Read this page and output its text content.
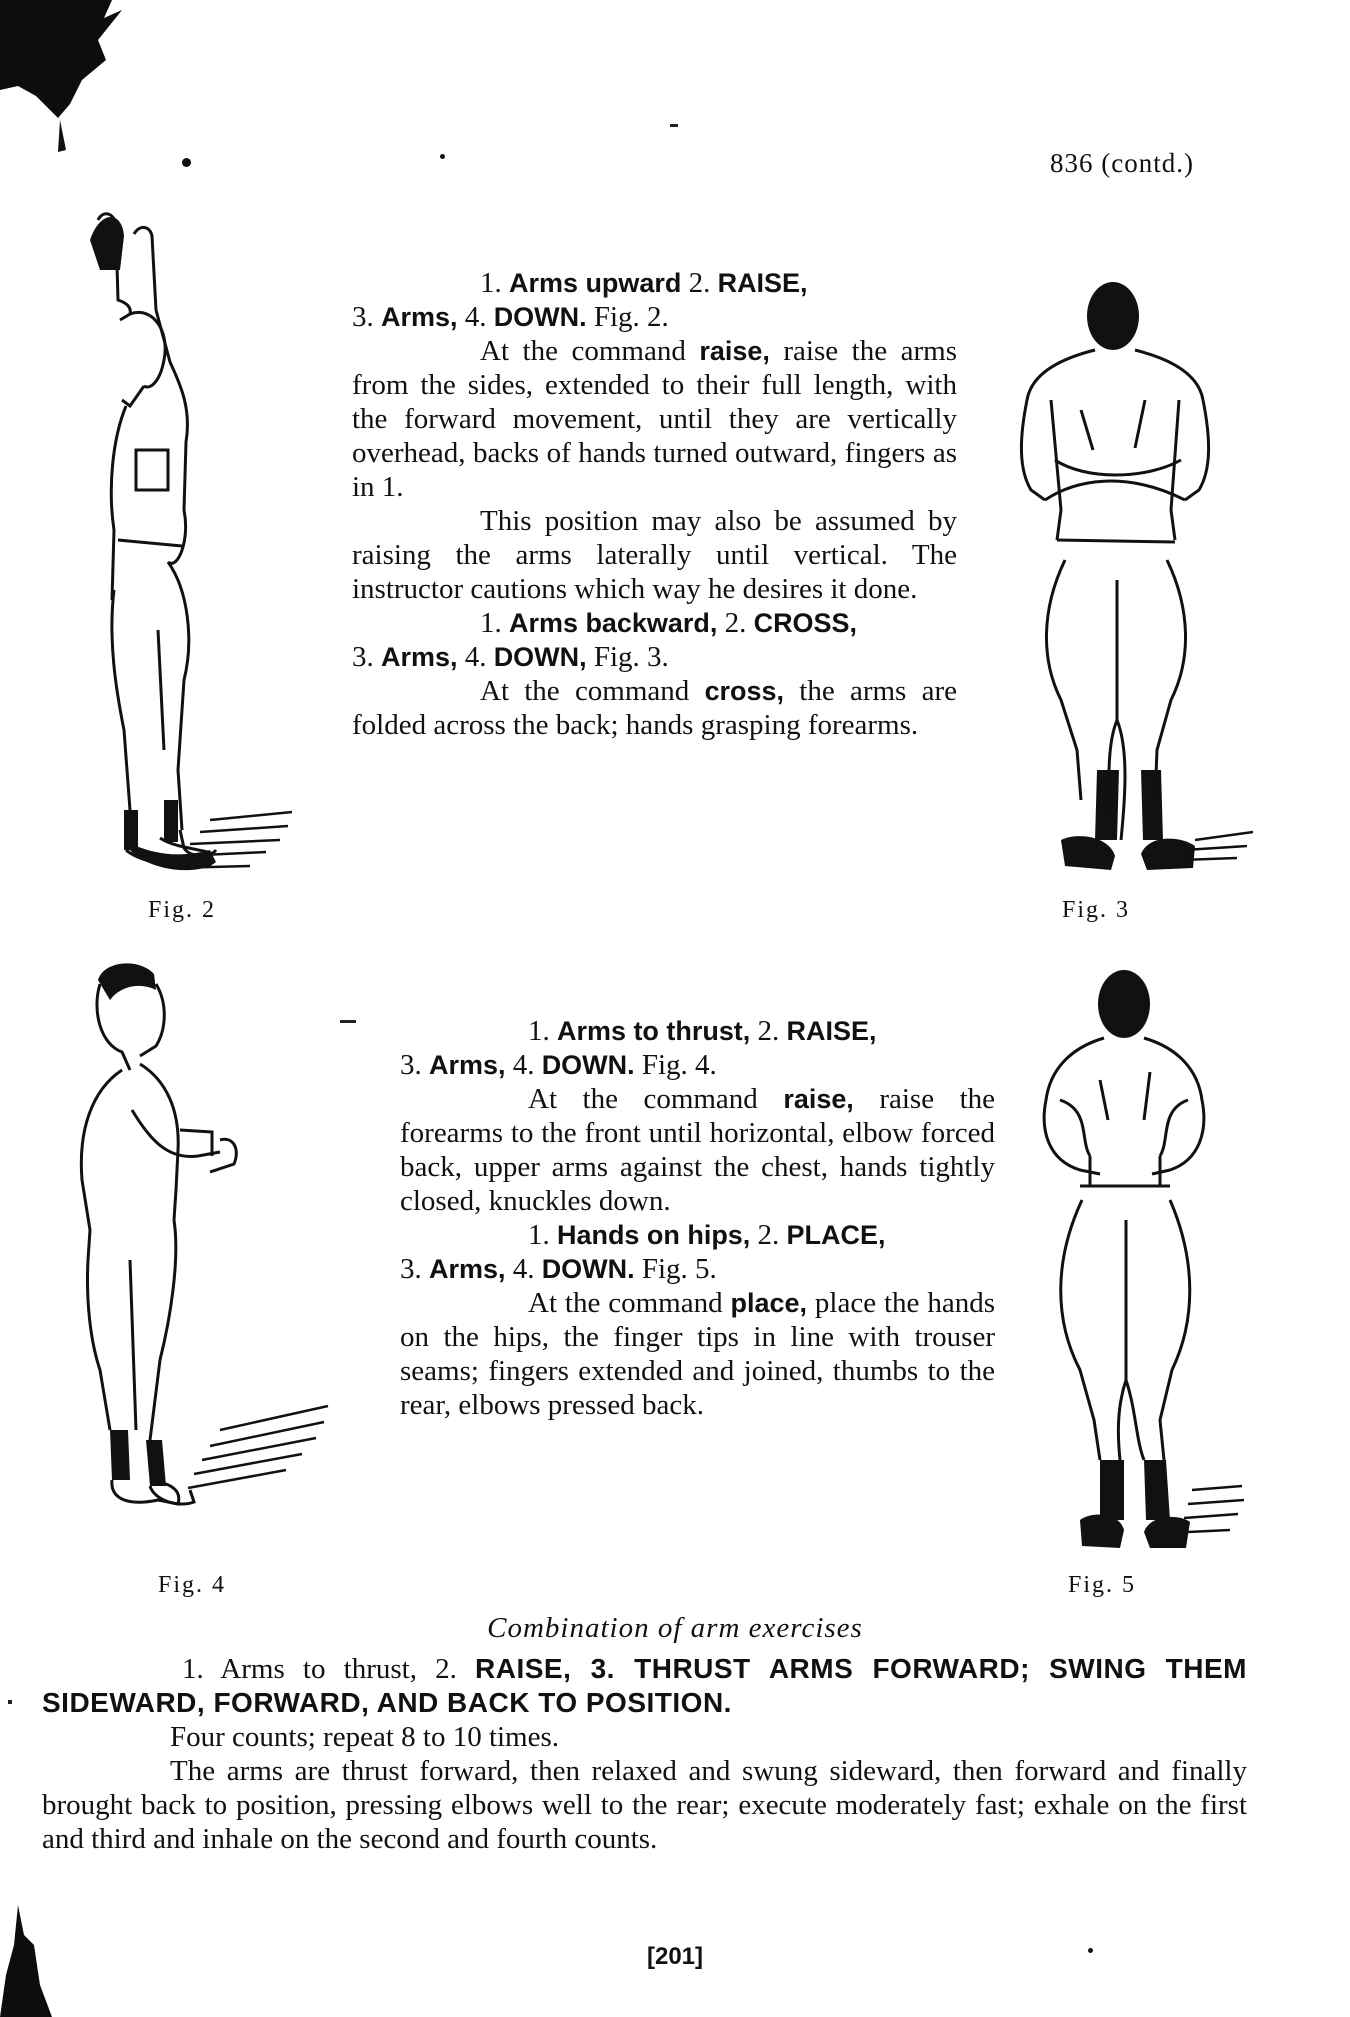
836 (contd.)
Fig. 2	Fig. 3

1. Arms upward 2. RAISE,
3. Arms, 4. DOWN. Fig. 2.

At the command raise, raise the arms from the sides, extended to their full length, with the forward movement, until they are vertically overhead, backs of hands turned outward, fingers as in 1.

This position may also be assumed by raising the arms laterally until vertical. The instructor cautions which way he desires it done.

1. Arms backward, 2. CROSS,
3. Arms, 4. DOWN, Fig. 3.

At the command cross, the arms are folded across the back; hands grasping forearms.

Fig. 4	Fig. 5

1. Arms to thrust, 2. RAISE,
3. Arms, 4. DOWN. Fig. 4.

At the command raise, raise the forearms to the front until horizontal, elbow forced back, upper arms against the chest, hands tightly closed, knuckles down.

1. Hands on hips, 2. PLACE,
3. Arms, 4. DOWN. Fig. 5.

At the command place, place the hands on the hips, the finger tips in line with trouser seams; fingers extended and joined, thumbs to the rear, elbows pressed back.

Combination of arm exercises

1. Arms to thrust, 2. RAISE, 3. THRUST ARMS FORWARD; SWING THEM SIDEWARD, FORWARD, AND BACK TO POSITION.

Four counts; repeat 8 to 10 times.

The arms are thrust forward, then relaxed and swung sideward, then forward and finally brought back to position, pressing elbows well to the rear; execute moderately fast; exhale on the first and third and inhale on the second and fourth counts.

[201]
